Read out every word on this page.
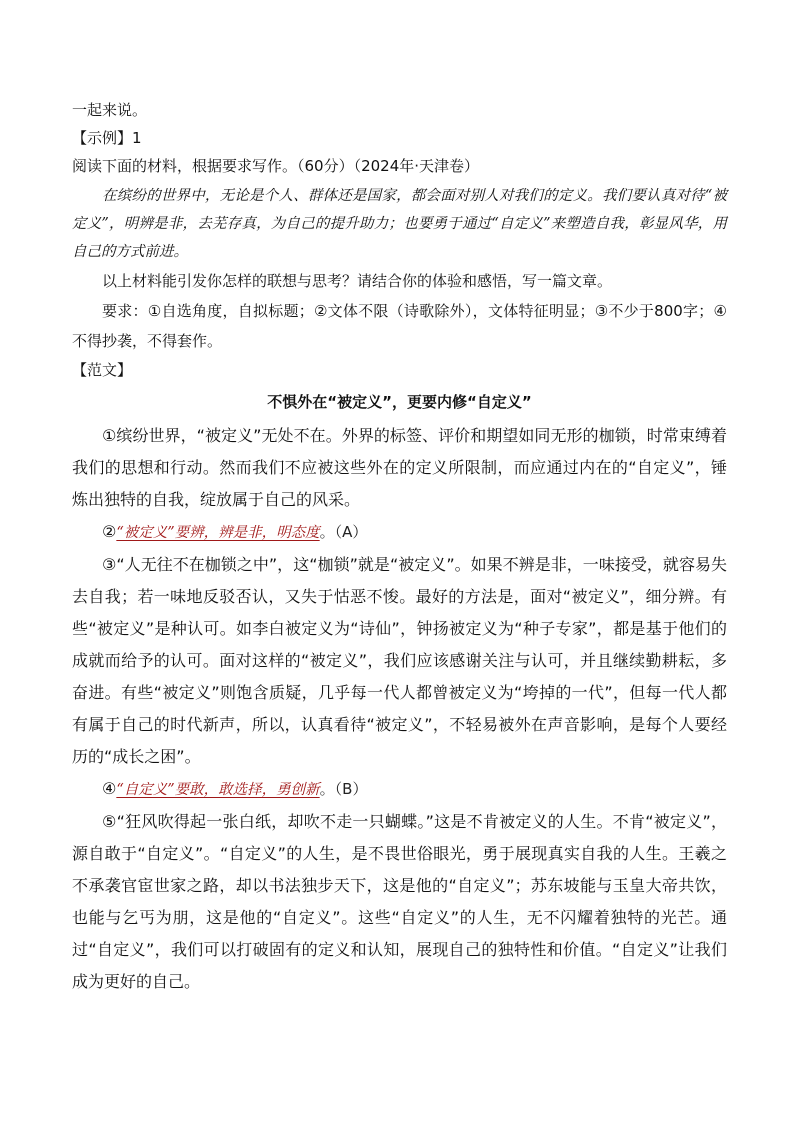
一起来说。
【示例】1
阅读下面的材料，根据要求写作。（60分）（2024年·天津卷）

在缤纷的世界中，无论是个人、群体还是国家，都会面对别人对我们的定义。我们要认真对待“被定义”，明辨是非，去芜存真，为自己的提升助力；也要勇于通过“自定义”来塑造自我，彰显风华，用自己的方式前进。

以上材料能引发你怎样的联想与思考？请结合你的体验和感悟，写一篇文章。

要求：①自选角度，自拟标题；②文体不限（诗歌除外），文体特征明显；③不少于800字；④不得抄袭，不得套作。

【范文】
不惧外在“被定义”，更要内修“自定义”

①缤纷世界，“被定义”无处不在。外界的标签、评价和期望如同无形的枷锁，时常束缚着我们的思想和行动。然而我们不应被这些外在的定义所限制，而应通过内在的“自定义”，锤炼出独特的自我，绽放属于自己的风采。

②“被定义”要辨，辨是非，明态度。（A）

③“人无往不在枷锁之中”，这“枷锁”就是“被定义”。如果不辨是非，一味接受，就容易失去自我；若一味地反驳否认，又失于怙恶不悛。最好的方法是，面对“被定义”，细分辨。有些“被定义”是种认可。如李白被定义为“诗仙”，钟扬被定义为“种子专家”，都是基于他们的成就而给予的认可。面对这样的“被定义”，我们应该感谢关注与认可，并且继续勤耕耘，多奋进。有些“被定义”则饱含质疑，几乎每一代人都曾被定义为“垮掉的一代”，但每一代人都有属于自己的时代新声，所以，认真看待“被定义”，不轻易被外在声音影响，是每个人要经历的“成长之困”。

④“自定义”要敢，敢选择，勇创新。（B）

⑤“狂风吹得起一张白纸，却吹不走一只蝴蝶。”这是不肯被定义的人生。不肯“被定义”，源自敢于“自定义”。“自定义”的人生，是不畏世俗眼光，勇于展现真实自我的人生。王羲之不承袭官宦世家之路，却以书法独步天下，这是他的“自定义”；苏东坡能与玉皇大帝共饮，也能与乞丐为朋，这是他的“自定义”。这些“自定义”的人生，无不闪耀着独特的光芒。通过“自定义”，我们可以打破固有的定义和认知，展现自己的独特性和价值。“自定义”让我们成为更好的自己。
